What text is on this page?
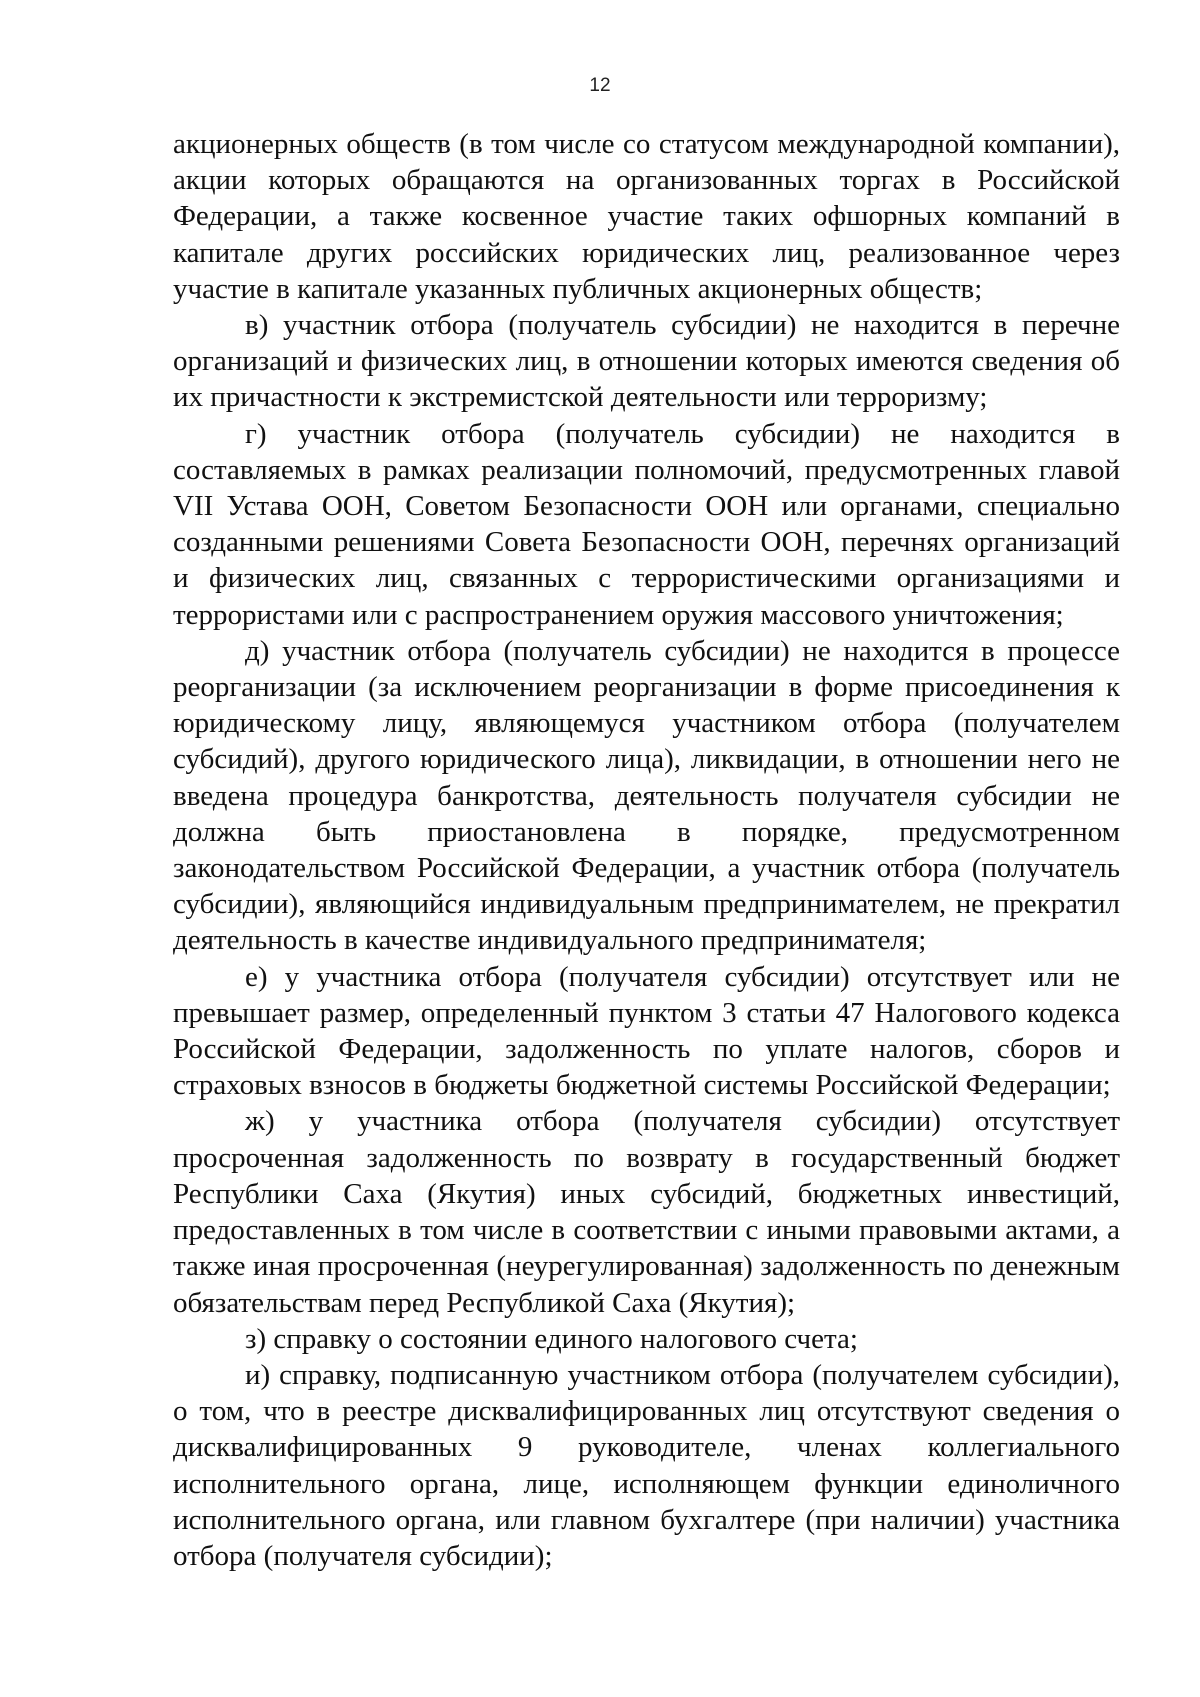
12

акционерных обществ (в том числе со статусом международной компании), акции которых обращаются на организованных торгах в Российской Федерации, а также косвенное участие таких офшорных компаний в капитале других российских юридических лиц, реализованное через участие в капитале указанных публичных акционерных обществ;

в) участник отбора (получатель субсидии) не находится в перечне организаций и физических лиц, в отношении которых имеются сведения об их причастности к экстремистской деятельности или терроризму;

г) участник отбора (получатель субсидии) не находится в составляемых в рамках реализации полномочий, предусмотренных главой VII Устава ООН, Советом Безопасности ООН или органами, специально созданными решениями Совета Безопасности ООН, перечнях организаций и физических лиц, связанных с террористическими организациями и террористами или с распространением оружия массового уничтожения;

д) участник отбора (получатель субсидии) не находится в процессе реорганизации (за исключением реорганизации в форме присоединения к юридическому лицу, являющемуся участником отбора (получателем субсидий), другого юридического лица), ликвидации, в отношении него не введена процедура банкротства, деятельность получателя субсидии не должна быть приостановлена в порядке, предусмотренном законодательством Российской Федерации, а участник отбора (получатель субсидии), являющийся индивидуальным предпринимателем, не прекратил деятельность в качестве индивидуального предпринимателя;

е) у участника отбора (получателя субсидии) отсутствует или не превышает размер, определенный пунктом 3 статьи 47 Налогового кодекса Российской Федерации, задолженность по уплате налогов, сборов и страховых взносов в бюджеты бюджетной системы Российской Федерации;

ж) у участника отбора (получателя субсидии) отсутствует просроченная задолженность по возврату в государственный бюджет Республики Саха (Якутия) иных субсидий, бюджетных инвестиций, предоставленных в том числе в соответствии с иными правовыми актами, а также иная просроченная (неурегулированная) задолженность по денежным обязательствам перед Республикой Саха (Якутия);

з) справку о состоянии единого налогового счета;

и) справку, подписанную участником отбора (получателем субсидии), о том, что в реестре дисквалифицированных лиц отсутствуют сведения о дисквалифицированных 9 руководителе, членах коллегиального исполнительного органа, лице, исполняющем функции единоличного исполнительного органа, или главном бухгалтере (при наличии) участника отбора (получателя субсидии);
